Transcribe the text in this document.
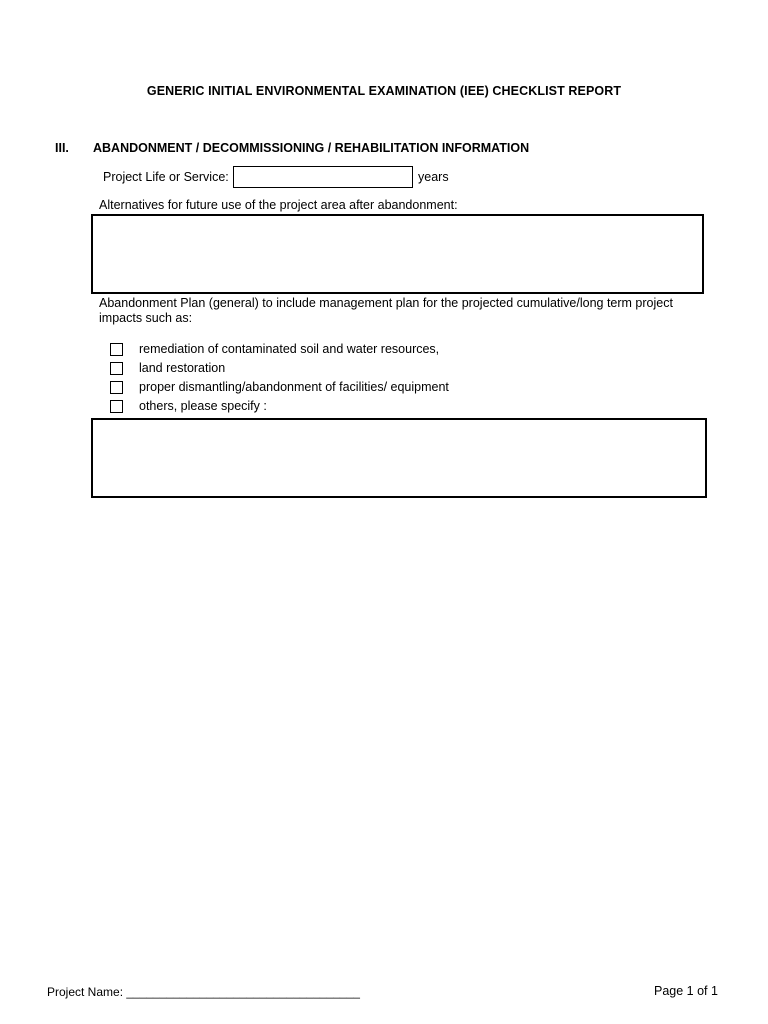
GENERIC INITIAL ENVIRONMENTAL EXAMINATION (IEE) CHECKLIST REPORT
III. ABANDONMENT / DECOMMISSIONING / REHABILITATION INFORMATION
Project Life or Service:	years
Alternatives for future use of the project area after abandonment:
Abandonment Plan (general) to include management plan for the projected cumulative/long term project impacts such as:
remediation of contaminated soil and water resources,
land restoration
proper dismantling/abandonment of facilities/ equipment
others, please specify :
Project Name: ___________________________________	Page 1 of 1
